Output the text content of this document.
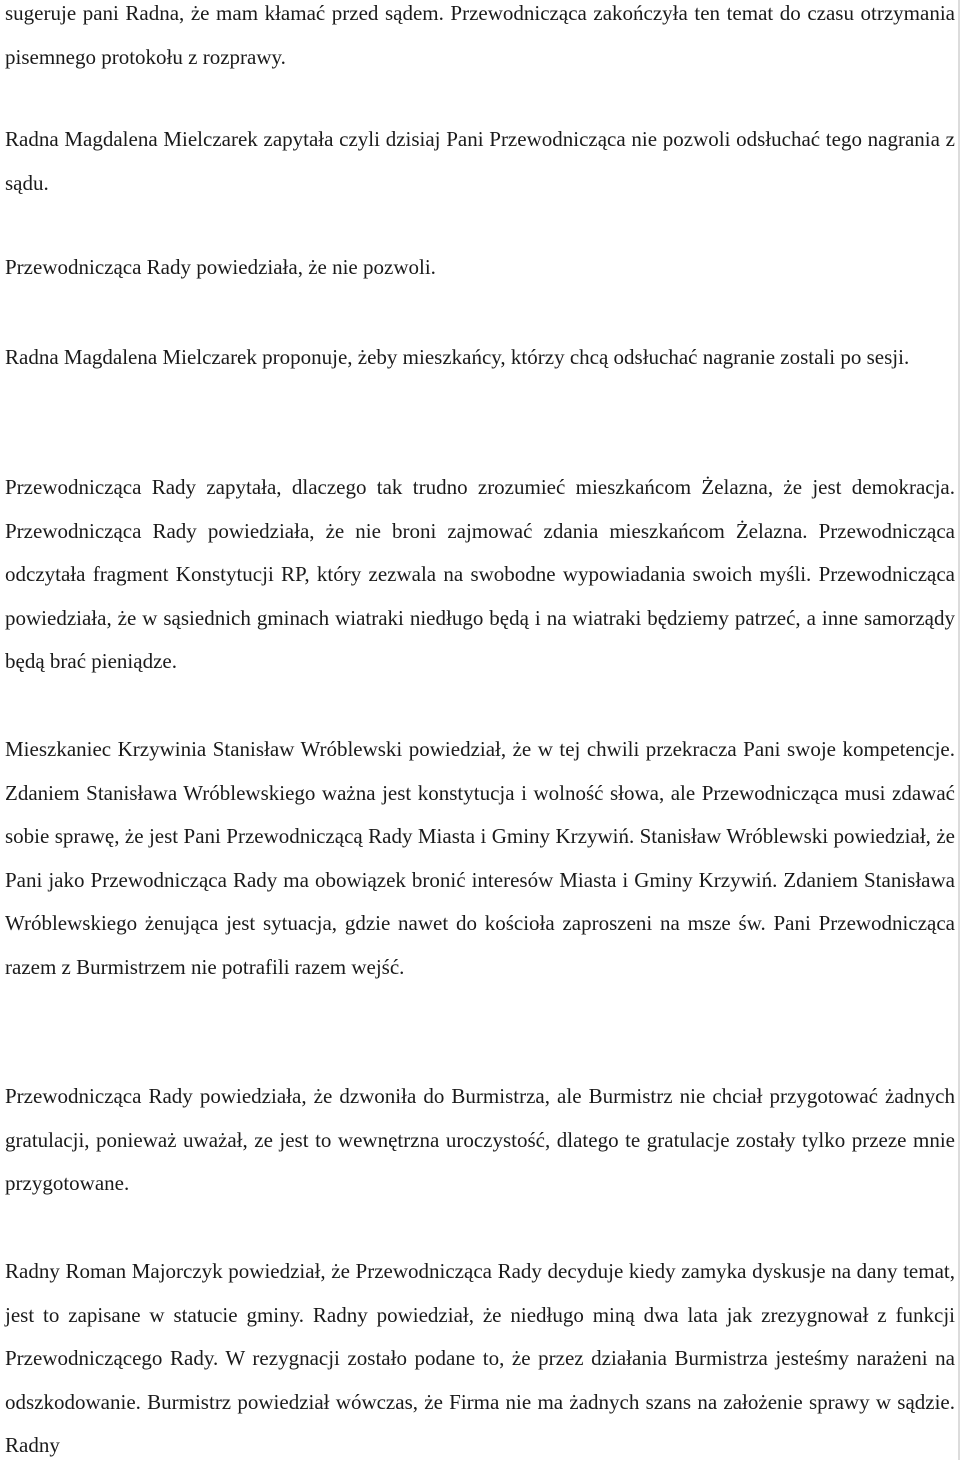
sugeruje pani Radna, że mam kłamać przed sądem. Przewodnicząca zakończyła ten temat do czasu otrzymania pisemnego protokołu z rozprawy.

Radna Magdalena Mielczarek zapytała czyli dzisiaj Pani Przewodnicząca nie pozwoli odsłuchać tego nagrania z sądu.

Przewodnicząca Rady powiedziała, że nie pozwoli.

Radna Magdalena Mielczarek proponuje, żeby mieszkańcy, którzy chcą odsłuchać nagranie zostali po sesji.

Przewodnicząca Rady zapytała, dlaczego tak trudno zrozumieć mieszkańcom Żelazna, że jest demokracja. Przewodnicząca Rady powiedziała, że nie broni zajmować zdania mieszkańcom Żelazna. Przewodnicząca odczytała fragment Konstytucji RP, który zezwala na swobodne wypowiadania swoich myśli. Przewodnicząca powiedziała, że w sąsiednich gminach wiatraki niedługo będą i na wiatraki będziemy patrzeć, a inne samorządy będą brać pieniądze.

Mieszkaniec Krzywinia Stanisław Wróblewski powiedział, że w tej chwili przekracza Pani swoje kompetencje. Zdaniem Stanisława Wróblewskiego ważna jest konstytucja i wolność słowa, ale Przewodnicząca musi zdawać sobie sprawę, że jest Pani Przewodniczącą Rady Miasta i Gminy Krzywiń. Stanisław Wróblewski powiedział, że Pani jako Przewodnicząca Rady ma obowiązek bronić interesów Miasta i Gminy Krzywiń. Zdaniem Stanisława Wróblewskiego żenująca jest sytuacja, gdzie nawet do kościoła zaproszeni na msze św. Pani Przewodnicząca razem z Burmistrzem nie potrafili razem wejść.

Przewodnicząca Rady powiedziała, że dzwoniła do Burmistrza, ale Burmistrz nie chciał przygotować żadnych gratulacji, ponieważ uważał, ze jest to wewnętrzna uroczystość, dlatego te gratulacje zostały tylko przeze mnie przygotowane.

Radny Roman Majorczyk powiedział, że Przewodnicząca Rady decyduje kiedy zamyka dyskusje na dany temat, jest to zapisane w statucie gminy. Radny powiedział, że niedługo miną dwa lata jak zrezygnował z funkcji Przewodniczącego Rady. W rezygnacji zostało podane to, że przez działania Burmistrza jesteśmy narażeni na odszkodowanie. Burmistrz powiedział wówczas, że Firma nie ma żadnych szans na założenie sprawy w sądzie. Radny
